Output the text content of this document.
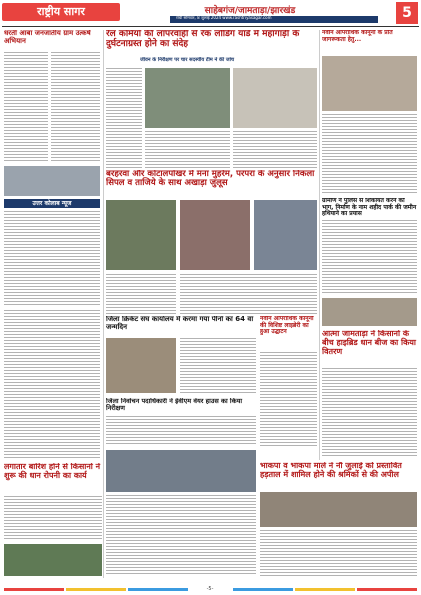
राष्ट्रीय सागर	साहेबगंज/जामताड़ा/झारखंड
रांची सोमवार, 8 जुलाई 2024 www.rashtriyasagar.com	5
धरती आबा जनजातीय ग्राम उत्कर्ष अभियान
रेल कर्मियों की लापरवाही से रेक लोडिंग यार्ड में महागाड़ी के दुर्घटनाग्रस्त होने का संदेह
जीवन के निरीक्षण पर चार सदस्यीय टीम ने की जांच
नवीन आपराधिक कानूनों के प्रति जागरूकता हेतु...
उत्तर कोलाब न्यूज
बरहरवा और कोटालपोखर में मना मुहर्रम, परंपरा के अनुसार निकला सिपल व ताजिये के साथ अखाड़ा जुलूस
ग्रामीण ने पुलिस से शिकायत करने को भाग, निर्माण के नाम शहीद पार्क की जमीन हथियाने का प्रयास
जिला क्रिकेट संघ कार्यालय में करमा गया पीनों का 64 वां जन्मदिन
नवीन आपराधिक कानूनों की विशिष्ट लाइब्रेरी का हुआ उद्घाटन	आत्मा जामताड़ा ने किसानों के बीच हाइब्रिड धान बीज का किया वितरण
जिला निर्वाचन पदाधिकारी ने ईवीएम वेयर हाउस का किया निरीक्षण
लगातार बारिश होने से किसानों ने शुरू की धान रोपनी का कार्य
भाकपा व भाकपा माले ने नौ जुलाई को प्रस्तावित हड़ताल में शामिल होने की श्रमिकों से की अपील
-5-
